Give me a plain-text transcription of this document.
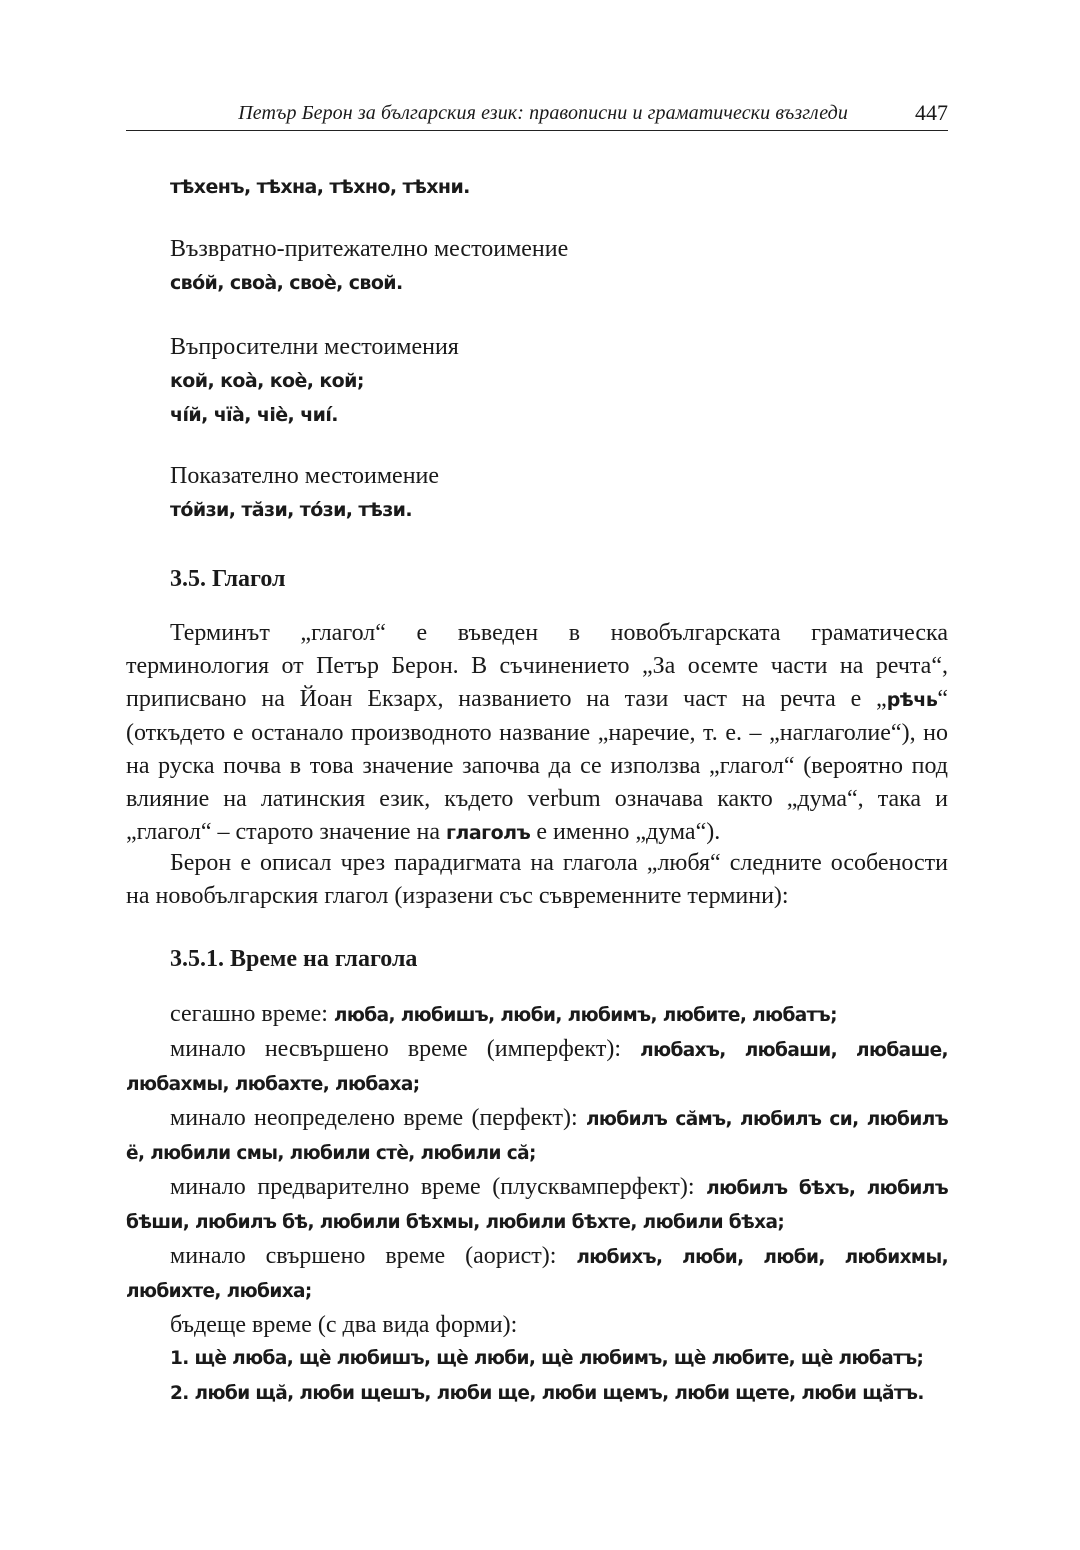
Петър Берон за българския език: правописни и граматически възгледи	447
тѣхенъ, тѣхна, тѣхно, тѣхни.
Възвратно-притежателно местоимение
свóй, своà, своè, свой.
Въпросителни местоимения
кой, коà, коè, кой;
чíй, чïà, чiè, чиí.
Показателно местоимение
тóйзи, тăзи, тóзи, тѣзи.
3.5. Глагол
Терминът „глагол“ е въведен в новобългарската граматическа терминология от Петър Берон. В съчинението „За осемте части на речта“, приписвано на Йоан Екзарх, названието на тази част на речта е „рѣчь“ (откъдето е останало производното название „наречие, т. е. – „наглаголие“), но на руска почва в това значение започва да се използва „глагол“ (вероятно под влияние на латинския език, където verbum означава както „дума“, така и „глагол“ – старото значение на глаголъ е именно „дума“).
Берон е описал чрез парадигмата на глагола „любя“ следните особености на новобългарския глагол (изразени със съвременните термини):
3.5.1. Време на глагола
сегашно време: люба, любишъ, люби, любимъ, любите, любатъ;
минало несвършено време (имперфект): любахъ, любаши, любаше, любахмы, любахте, любаха;
минало неопределено време (перфект): любилъ сăмъ, любилъ си, любилъ ё, любили смы, любили стѐ, любили сă;
минало предварително време (плусквамперфект): любилъ бѣхъ, любилъ бѣши, любилъ бѣ, любили бѣхмы, любили бѣхте, любили бѣха;
минало свършено време (аорист): любихъ, люби, люби, любихмы, любихте, любиха;
бъдеще време (с два вида форми):
1. щѐ люба, щѐ любишъ, щѐ люби, щѐ любимъ, щѐ любите, щѐ любатъ;
2. люби щă, люби щешъ, люби ще, люби щемъ, люби щете, люби щăтъ.
